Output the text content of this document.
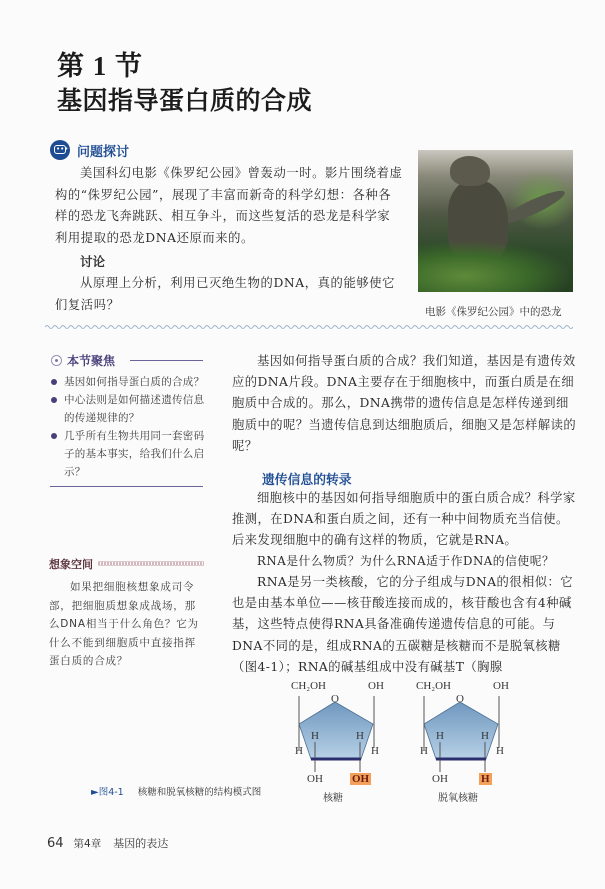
第 1 节
基因指导蛋白质的合成
••• 问题探讨

美国科幻电影《侏罗纪公园》曾轰动一时。影片围绕着虚构的“侏罗纪公园”，展现了丰富而新奇的科学幻想：各种各样的恐龙飞奔跳跃、相互争斗，而这些复活的恐龙是科学家利用提取的恐龙DNA还原而来的。

讨论

从原理上分析，利用已灭绝生物的DNA，真的能够使它们复活吗？

电影《侏罗纪公园》中的恐龙
本节聚焦
基因如何指导蛋白质的合成？
中心法则是如何描述遗传信息的传递规律的？
几乎所有生物共用同一套密码子的基本事实，给我们什么启示？
想象空间

如果把细胞核想象成司令部，把细胞质想象成战场，那么DNA相当于什么角色？它为什么不能到细胞质中直接指挥蛋白质的合成？

基因如何指导蛋白质的合成？我们知道，基因是有遗传效应的DNA片段。DNA主要存在于细胞核中，而蛋白质是在细胞质中合成的。那么，DNA携带的遗传信息是怎样传递到细胞质中的呢？当遗传信息到达细胞质后，细胞又是怎样解读的呢？

遗传信息的转录

细胞核中的基因如何指导细胞质中的蛋白质合成？科学家推测，在DNA和蛋白质之间，还有一种中间物质充当信使。后来发现细胞中的确有这样的物质，它就是RNA。

RNA是什么物质？为什么RNA适于作DNA的信使呢？

RNA是另一类核酸，它的分子组成与DNA的很相似：它也是由基本单位——核苷酸连接而成的，核苷酸也含有4种碱基，这些特点使得RNA具备准确传递遗传信息的可能。与DNA不同的是，组成RNA的五碳糖是核糖而不是脱氧核糖（图4-1）；RNA的碱基组成中没有碱基T（胸腺

CH₂OH	OH
O
H	H
H	H
OH	OH
核糖
CH₂OH	OH
O
H	H
H	H
OH	H
脱氧核糖
►图4-1 核糖和脱氧核糖的结构模式图
64 第4章 基因的表达
